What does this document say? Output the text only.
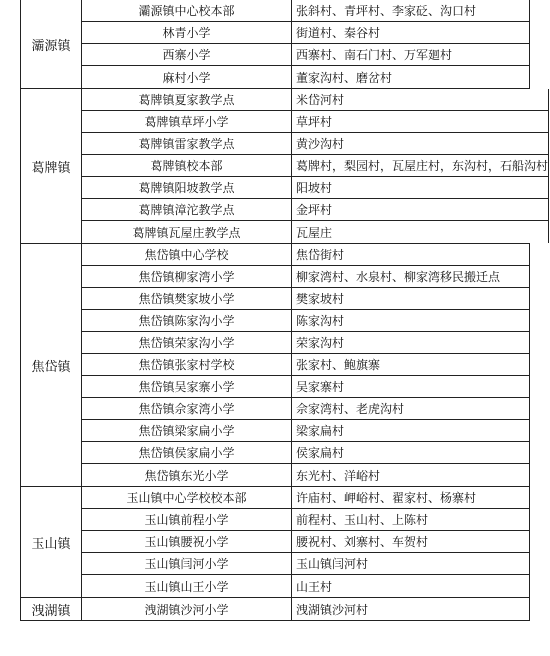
灞源镇
灞源镇中心校本部	张斜村、青坪村、李家砭、沟口村
林青小学	街道村、秦谷村
西寨小学	西寨村、南石门村、万军廻村
麻村小学	董家沟村、磨岔村
葛牌镇
葛牌镇夏家教学点	米岱河村
葛牌镇草坪小学	草坪村
葛牌镇雷家教学点	黄沙沟村
葛牌镇校本部	葛牌村，梨园村，瓦屋庄村，东沟村，石船沟村
葛牌镇阳坡教学点	阳坡村
葛牌镇漳沱教学点	金坪村
葛牌镇瓦屋庄教学点	瓦屋庄
焦岱镇
焦岱镇中心学校	焦岱街村
焦岱镇柳家湾小学	柳家湾村、水泉村、柳家湾移民搬迁点
焦岱镇樊家坡小学	樊家坡村
焦岱镇陈家沟小学	陈家沟村
焦岱镇荣家沟小学	荣家沟村
焦岱镇张家村学校	张家村、鲍旗寨
焦岱镇吴家寨小学	吴家寨村
焦岱镇佘家湾小学	佘家湾村、老虎沟村
焦岱镇梁家扁小学	梁家扁村
焦岱镇侯家扁小学	侯家扁村
焦岱镇东光小学	东光村、洋峪村
玉山镇
玉山镇中心学校校本部	许庙村、岬峪村、翟家村、杨寨村
玉山镇前程小学	前程村、玉山村、上陈村
玉山镇腰祝小学	腰祝村、刘寨村、车贺村
玉山镇闫河小学	玉山镇闫河村
玉山镇山王小学	山王村
洩湖镇	洩湖镇沙河小学	洩湖镇沙河村
